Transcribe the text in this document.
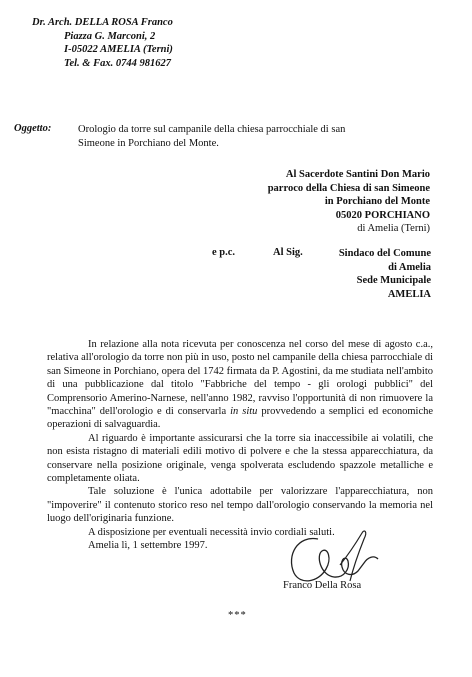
Dr. Arch. DELLA ROSA Franco
Piazza G. Marconi, 2
I-05022 AMELIA (Terni)
Tel. & Fax. 0744 981627
Oggetto:	Orologio da torre sul campanile della chiesa parrocchiale di san
Simeone in Porchiano del Monte.
Al Sacerdote Santini Don Mario
parroco della Chiesa di san Simeone
in Porchiano del Monte
05020 PORCHIANO
di Amelia (Terni)
e p.c.	Al Sig.	Sindaco del Comune
di Amelia
Sede Municipale
AMELIA

In relazione alla nota ricevuta per conoscenza nel corso del mese di agosto c.a., relativa all'orologio da torre non più in uso, posto nel campanile della chiesa parrocchiale di san Simeone in Porchiano, opera del 1742 firmata da P. Agostini, da me studiata nell'ambito di una pubblicazione dal titolo "Fabbriche del tempo - gli orologi pubblici" del Comprensorio Amerino-Narnese, nell'anno 1982, ravviso l'opportunità di non rimuovere la "macchina" dell'orologio e di conservarla in situ provvedendo a semplici ed economiche operazioni di salvaguardia.

Al riguardo è importante assicurarsi che la torre sia inaccessibile ai volatili, che non esista ristagno di materiali edili motivo di polvere e che la stessa apparecchiatura, da conservare nella posizione originale, venga spolverata escludendo spazzole metalliche e completamente oliata.

Tale soluzione è l'unica adottabile per valorizzare l'apparecchiatura, non "impoverire" il contenuto storico reso nel tempo dall'orologio conservando la memoria nel luogo dell'originaria funzione.

A disposizione per eventuali necessità invio cordiali saluti.

Amelia lì, 1 settembre 1997.

Franco Della Rosa
***
